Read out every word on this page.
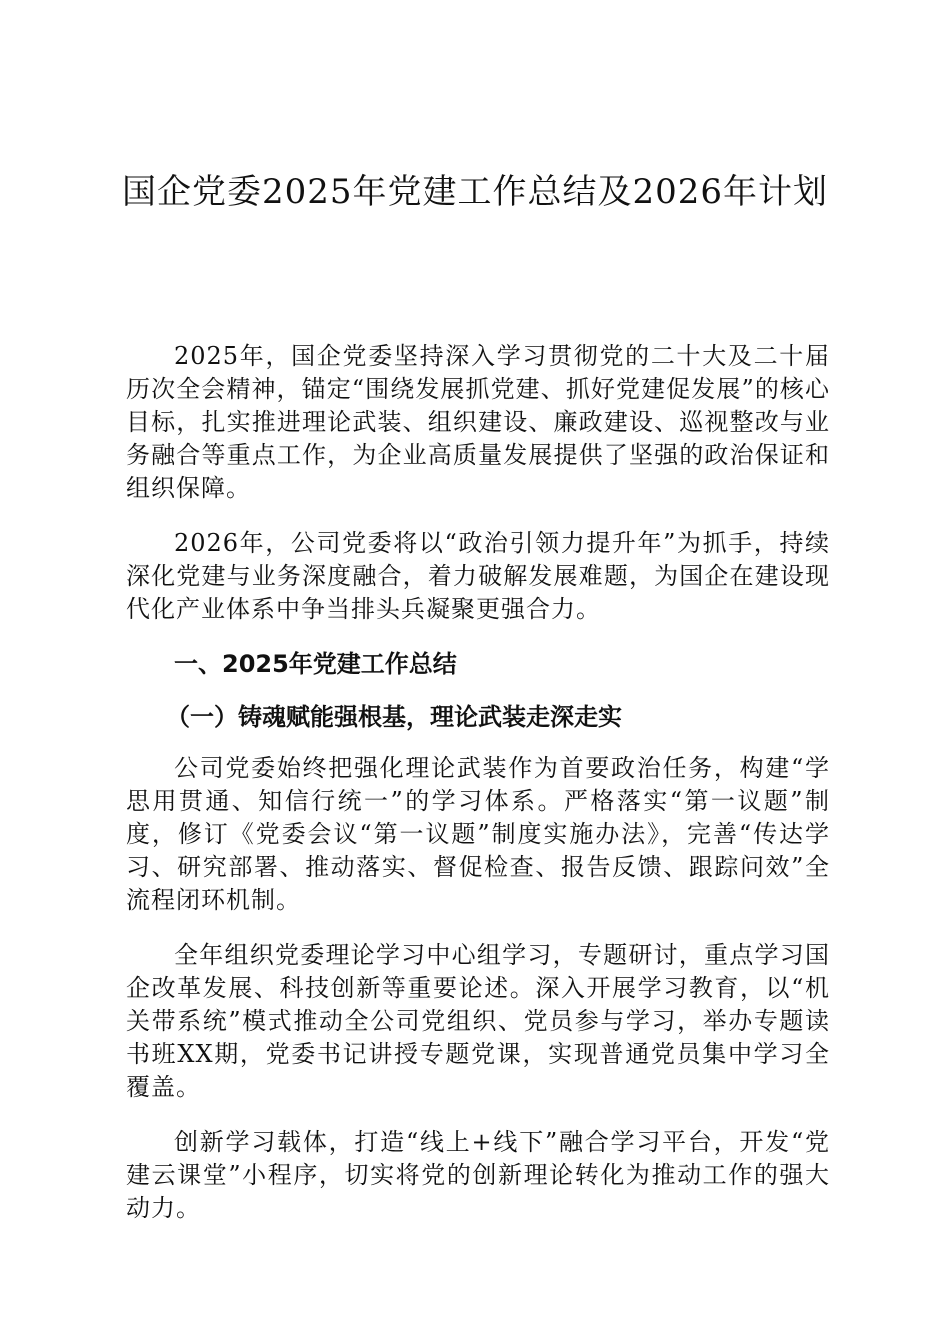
国企党委2025年党建工作总结及2026年计划

2025年，国企党委坚持深入学习贯彻党的二十大及二十届历次全会精神，锚定“围绕发展抓党建、抓好党建促发展”的核心目标，扎实推进理论武装、组织建设、廉政建设、巡视整改与业务融合等重点工作，为企业高质量发展提供了坚强的政治保证和组织保障。

2026年，公司党委将以“政治引领力提升年”为抓手，持续深化党建与业务深度融合，着力破解发展难题，为国企在建设现代化产业体系中争当排头兵凝聚更强合力。

一、2025年党建工作总结
（一）铸魂赋能强根基，理论武装走深走实

公司党委始终把强化理论武装作为首要政治任务，构建“学思用贯通、知信行统一”的学习体系。严格落实“第一议题”制度，修订《党委会议“第一议题”制度实施办法》，完善“传达学习、研究部署、推动落实、督促检查、报告反馈、跟踪问效”全流程闭环机制。

全年组织党委理论学习中心组学习，专题研讨，重点学习国企改革发展、科技创新等重要论述。深入开展学习教育，以“机关带系统”模式推动全公司党组织、党员参与学习，举办专题读书班XX期，党委书记讲授专题党课，实现普通党员集中学习全覆盖。

创新学习载体，打造“线上+线下”融合学习平台，开发“党建云课堂”小程序，切实将党的创新理论转化为推动工作的强大动力。
